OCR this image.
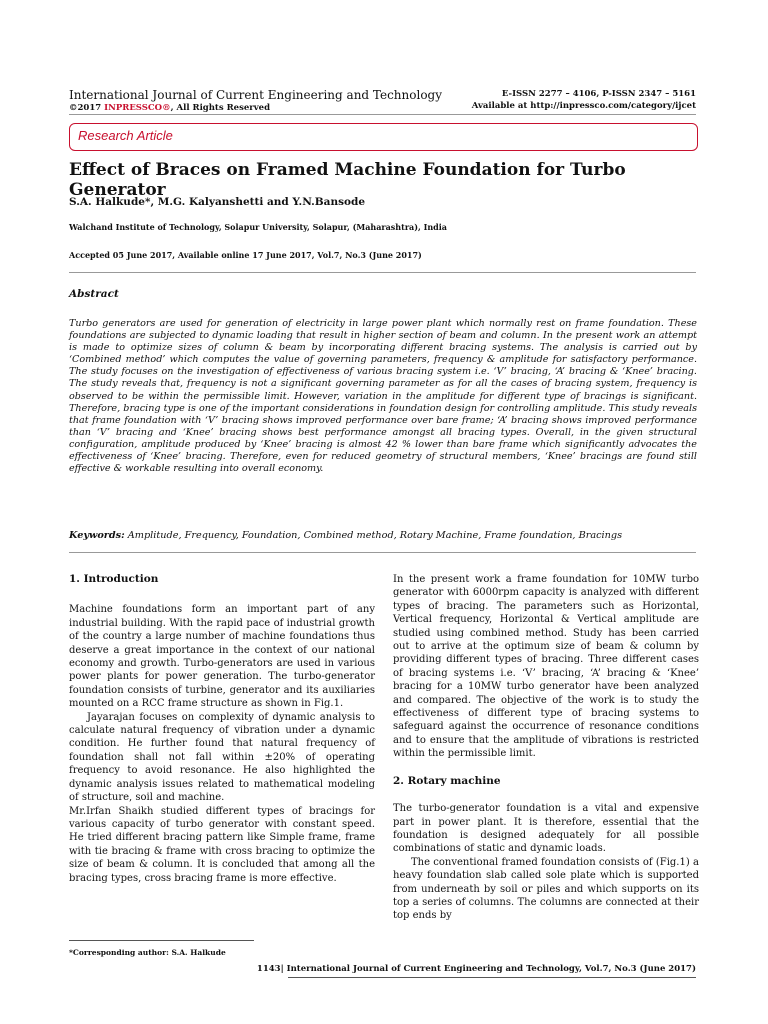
International Journal of Current Engineering and Technology
©2017 INPRESSCO®, All Rights Reserved
E-ISSN 2277 – 4106, P-ISSN 2347 – 5161
Available at http://inpressco.com/category/ijcet
Research Article
Effect of Braces on Framed Machine Foundation for Turbo Generator
S.A. Halkude*, M.G. Kalyanshetti and Y.N.Bansode
Walchand Institute of Technology, Solapur University, Solapur, (Maharashtra), India
Accepted 05 June 2017, Available online 17 June 2017, Vol.7, No.3 (June 2017)
Abstract
Turbo generators are used for generation of electricity in large power plant which normally rest on frame foundation. These foundations are subjected to dynamic loading that result in higher section of beam and column. In the present work an attempt is made to optimize sizes of column & beam by incorporating different bracing systems. The analysis is carried out by ‘Combined method’ which computes the value of governing parameters, frequency & amplitude for satisfactory performance. The study focuses on the investigation of effectiveness of various bracing system i.e. ‘V’ bracing, ‘A’ bracing & ‘Knee’ bracing. The study reveals that, frequency is not a significant governing parameter as for all the cases of bracing system, frequency is observed to be within the permissible limit. However, variation in the amplitude for different type of bracings is significant. Therefore, bracing type is one of the important considerations in foundation design for controlling amplitude. This study reveals that frame foundation with ‘V’ bracing shows improved performance over bare frame; ‘A’ bracing shows improved performance than ‘V’ bracing and ‘Knee’ bracing shows best performance amongst all bracing types. Overall, in the given structural configuration, amplitude produced by ‘Knee’ bracing is almost 42 % lower than bare frame which significantly advocates the effectiveness of ‘Knee’ bracing. Therefore, even for reduced geometry of structural members, ‘Knee’ bracings are found still effective & workable resulting into overall economy.
Keywords: Amplitude, Frequency, Foundation, Combined method, Rotary Machine, Frame foundation, Bracings

1. Introduction

Machine foundations form an important part of any industrial building. With the rapid pace of industrial growth of the country a large number of machine foundations thus deserve a great importance in the context of our national economy and growth. Turbo-generators are used in various power plants for power generation. The turbo-generator foundation consists of turbine, generator and its auxiliaries mounted on a RCC frame structure as shown in Fig.1.

Jayarajan focuses on complexity of dynamic analysis to calculate natural frequency of vibration under a dynamic condition. He further found that natural frequency of foundation shall not fall within ±20% of operating frequency to avoid resonance. He also highlighted the dynamic analysis issues related to mathematical modeling of structure, soil and machine.

Mr.Irfan Shaikh studied different types of bracings for various capacity of turbo generator with constant speed. He tried different bracing pattern like Simple frame, frame with tie bracing & frame with cross bracing to optimize the size of beam & column. It is concluded that among all the bracing types, cross bracing frame is more effective.

In the present work a frame foundation for 10MW turbo generator with 6000rpm capacity is analyzed with different types of bracing. The parameters such as Horizontal, Vertical frequency, Horizontal & Vertical amplitude are studied using combined method. Study has been carried out to arrive at the optimum size of beam & column by providing different types of bracing. Three different cases of bracing systems i.e. ‘V’ bracing, ‘A’ bracing & ‘Knee’ bracing for a 10MW turbo generator have been analyzed and compared. The objective of the work is to study the effectiveness of different type of bracing systems to safeguard against the occurrence of resonance conditions and to ensure that the amplitude of vibrations is restricted within the permissible limit.

2. Rotary machine

The turbo-generator foundation is a vital and expensive part in power plant. It is therefore, essential that the foundation is designed adequately for all possible combinations of static and dynamic loads.

The conventional framed foundation consists of (Fig.1) a heavy foundation slab called sole plate which is supported from underneath by soil or piles and which supports on its top a series of columns. The columns are connected at their top ends by

*Corresponding author: S.A. Halkude
1143| International Journal of Current Engineering and Technology, Vol.7, No.3 (June 2017)
